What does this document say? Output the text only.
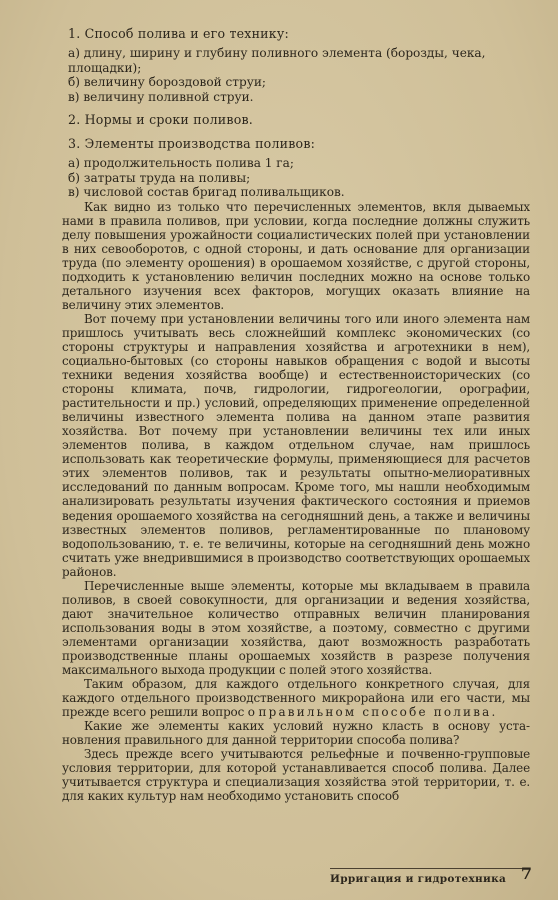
1. Способ полива и его технику:

а) длину, ширину и глубину поливного элемента (борозды, чека, площадки);

б) величину бороздовой струи;

в) величину поливной струи.

2. Нормы и сроки поливов.

3. Элементы производства поливов:

а) продолжительность полива 1 га;

б) затраты труда на поливы;

в) числовой состав бригад поливальщиков.

Как видно из только что перечисленных элементов, вкля дываемых нами в правила поливов, при условии, когда последние должны служить делу повышения урожайности социалистических полей при установлении в них севооборотов, с одной стороны, и дать основание для организации труда (по элементу орошения) в орошаемом хозяйстве, с другой стороны, подходить к установлению величин последних можно на основе только детального изучения всех факторов, могущих оказать влияние на величину этих элементов.

Вот почему при установлении величины того или иного элемента нам пришлось учитывать весь сложнейший комплекс экономических (со стороны структуры и направления хозяйства и агротехники в нем), социально-бытовых (со стороны навыков обращения с водой и высоты техники ведения хозяйства вообще) и естественноисторических (со стороны климата, почв, гидрологии, гидрогеологии, орографии, растительности и пр.) условий, определяющих применение определенной величины известного элемента полива на данном этапе развития хозяйства. Вот почему при установлении величины тех или иных элементов полива, в каждом отдельном случае, нам пришлось использовать как теоретические формулы, применяющиеся для расчетов этих элементов поливов, так и результаты опытно-мелиоративных исследований по данным вопросам. Кроме того, мы нашли необходимым анализировать результаты изучения фактического состояния и приемов ведения орошаемого хозяйства на сегодняшний день, а также и величины известных элементов поливов, регламентированные по плановому водопользованию, т. е. те величины, которые на сегодняшний день можно считать уже внедрившимися в производство соответствующих орошаемых районов.

Перечисленные выше элементы, которые мы вкладываем в правила поливов, в своей совокупности, для организации и ведения хозяйства, дают значительное количество отправных величин планирования использования воды в этом хозяйстве, а поэтому, совместно с другими элементами организации хозяйства, дают возможность разработать производственные планы орошаемых хозяйств в разрезе получения максимального выхода продукции с полей этого хозяйства.

Таким образом, для каждого отдельного конкретного случая, для каждого отдельного производственного микрорайона или его части, мы прежде всего решили вопрос о правильном способе полива.

Какие же элементы каких условий нужно класть в основу установления правильного для данной территории способа полива?

Здесь прежде всего учитываются рельефные и почвенно-групповые условия территории, для которой устанавливается способ полива. Далее учитывается структура и специализация хозяйства этой территории, т. е. для каких культур нам необходимо установить способ

Ирригация и гидротехника 7
